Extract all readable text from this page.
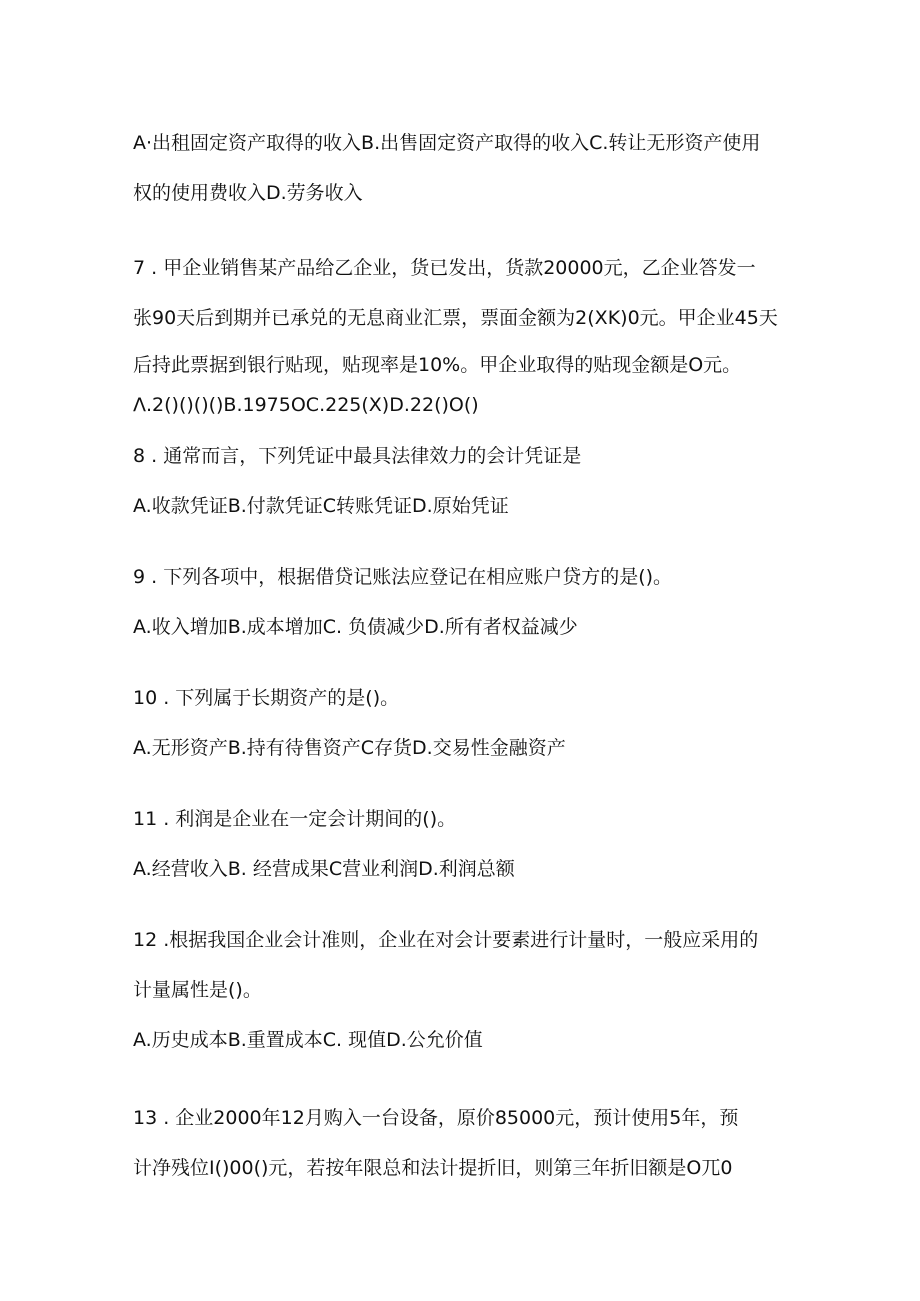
A·出租固定资产取得的收入B.出售固定资产取得的收入C.转让无形资产使用
权的使用费收入D.劳务收入
7 . 甲企业销售某产品给乙企业，货已发出，货款20000元，乙企业答发一
张90天后到期并已承兑的无息商业汇票，票面金额为2(XK)0元。甲企业45天
后持此票据到银行贴现，贴现率是10%。甲企业取得的贴现金额是O元。
Λ.2()()()()B.1975OC.225(X)D.22()O()
8 . 通常而言，下列凭证中最具法律效力的会计凭证是
A.收款凭证B.付款凭证C转账凭证D.原始凭证
9 . 下列各项中，根据借贷记账法应登记在相应账户贷方的是()。
A.收入增加B.成本增加C. 负债减少D.所有者权益减少
10 . 下列属于长期资产的是()。
A.无形资产B.持有待售资产C存货D.交易性金融资产
11 . 利润是企业在一定会计期间的()。
A.经营收入B. 经营成果C营业利润D.利润总额
12 .根据我国企业会计准则，企业在对会计要素进行计量时，一般应采用的
计量属性是()。
A.历史成本B.重置成本C. 现值D.公允价值
13 . 企业2000年12月购入一台设备，原价85000元，预计使用5年，预
计净残位I()00()元，若按年限总和法计提折旧，则第三年折旧额是O兀0
